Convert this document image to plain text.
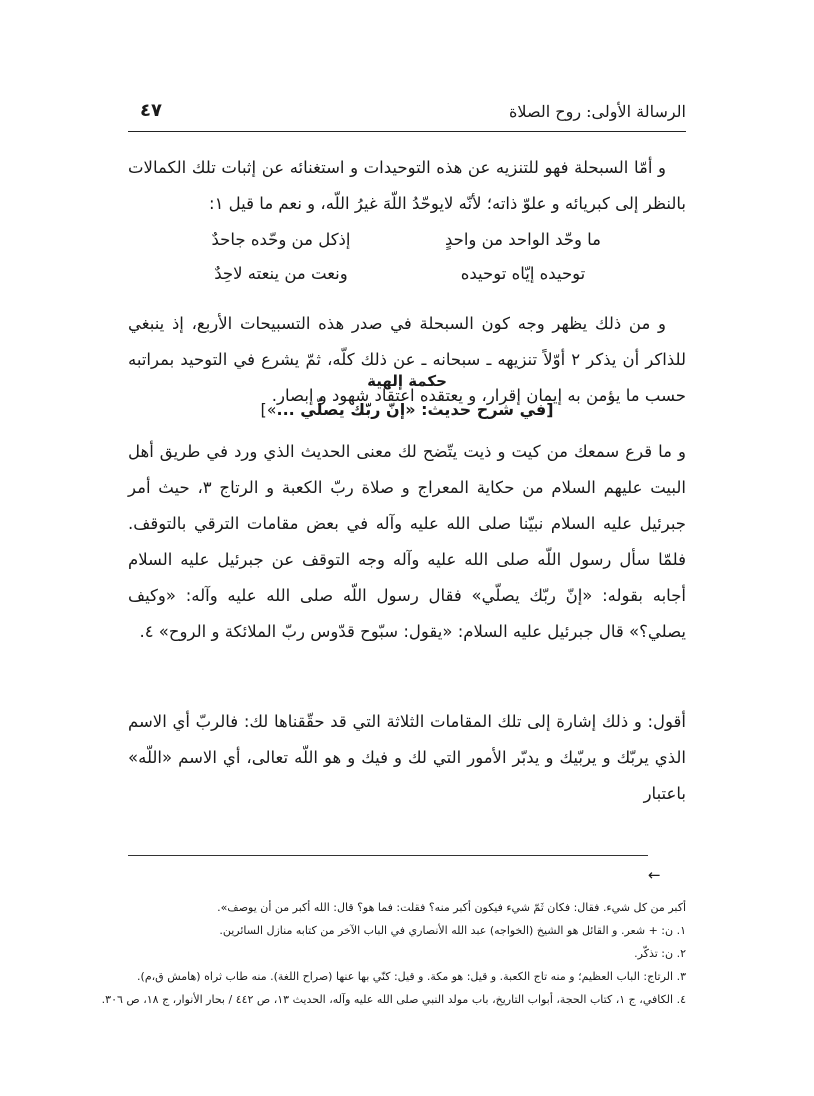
الرسالة الأولى: روح الصلاة
٤٧

و أمّا السبحلة فهو للتنزيه عن هذه التوحيدات و استغنائه عن إثبات تلك الكمالات بالنظر إلى كبريائه و علوّ ذاته؛ لأنّه لايوحّدُ اللّهَ غيرُ اللّه، و نعم ما قيل ١:

ما وحّد الواحد من واحدٍ
إذكل من وحّده جاحدٌ
توحيده إيّاه توحيده
ونعت من ينعته لاحِدٌ

و من ذلك يظهر وجه كون السبحلة في صدر هذه التسبيحات الأربع، إذ ينبغي للذاكر أن يذكر ٢ أوّلاً تنزيهه ـ سبحانه ـ عن ذلك كلّه، ثمّ يشرع في التوحيد بمراتبه حسب ما يؤمن به إيمان إقرار، و يعتقده اعتقاد شهود و إبصار.

حكمة إلهية
[في شرح حديث: «إنّ ربّك يصلّي ...»]

و ما قرع سمعك من كيت و ذيت يتّضح لك معنى الحديث الذي ورد في طريق أهل البيت عليهم السلام من حكاية المعراج و صلاة ربّ الكعبة و الرتاج ٣، حيث أمر جبرئيل عليه السلام نبيّنا صلى الله عليه وآله في بعض مقامات الترقي بالتوقف. فلمّا سأل رسول اللّه صلى الله عليه وآله وجه التوقف عن جبرئيل عليه السلام أجابه بقوله: «إنّ ربّك يصلّي» فقال رسول اللّه صلى الله عليه وآله: «وكيف يصلي؟» قال جبرئيل عليه السلام: «يقول: سبّوح قدّوس ربّ الملائكة و الروح» ٤.

أقول: و ذلك إشارة إلى تلك المقامات الثلاثة التي قد حقّقناها لك: فالربّ أي الاسم الذي يربّك و يربّيك و يدبّر الأمور التي لك و فيك و هو اللّه تعالى، أي الاسم «اللّه» باعتبار

←
أكبر من كل شيء. فقال: فكان ثَمّ شيء فيكون أكبر منه؟ فقلت: فما هو؟ قال: الله أكبر من أن يوصف».
١. ن: + شعر. و القائل هو الشيخ (الخواجه) عبد الله الأنصاري في الباب الآخر من كتابه منازل السائرين.
٢. ن: تذكّر.
٣. الرتاج: الباب العظيم؛ و منه تاج الكعبة. و قيل: هو مكة. و قيل: كنّي بها عنها (صراح اللغة). منه طاب ثراه (هامش ق،م).
٤. الكافي، ج ١، كتاب الحجة، أبواب التاريخ، باب مولد النبي صلى الله عليه وآله، الحديث ١٣، ص ٤٤٢ / بحار الأنوار، ج ١٨، ص ٣٠٦.
